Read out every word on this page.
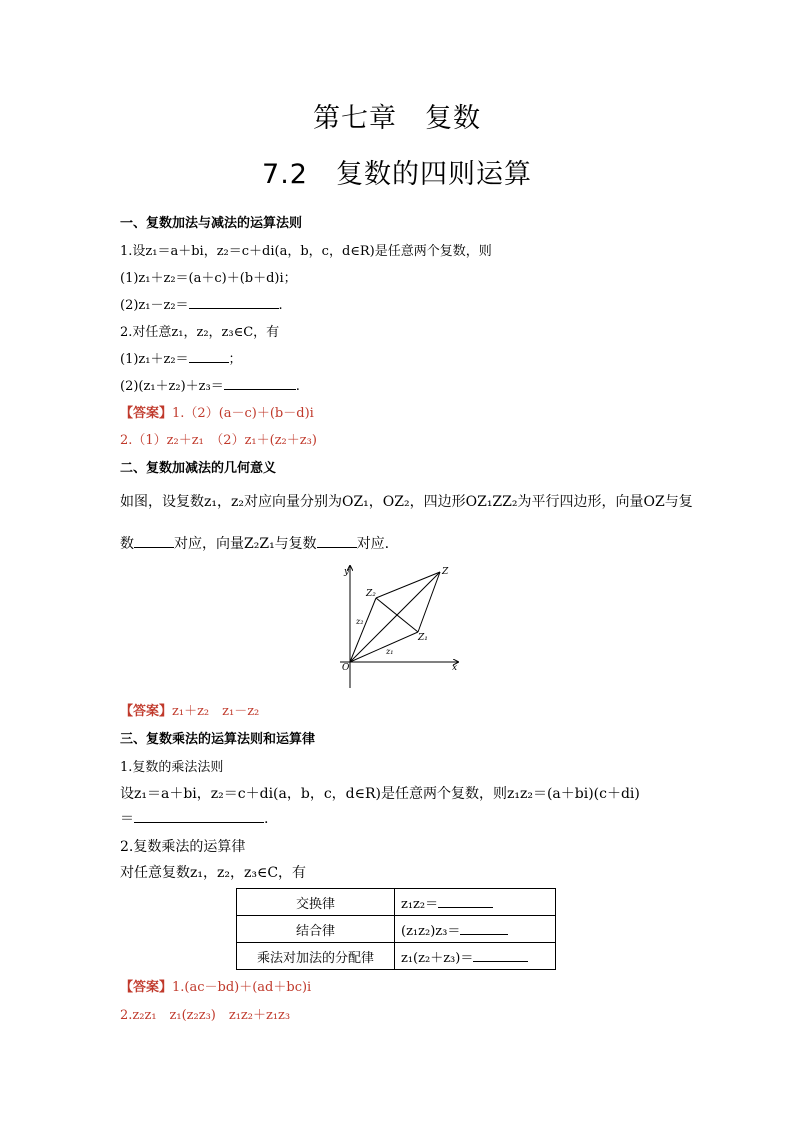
第七章　复数
7.2　复数的四则运算
一、复数加法与减法的运算法则
1.设z₁＝a＋bi，z₂＝c＋di(a，b，c，d∈R)是任意两个复数，则
(1)z₁＋z₂＝(a＋c)＋(b＋d)i；
(2)z₁－z₂＝	.
2.对任意z₁，z₂，z₃∈C，有
(1)z₁＋z₂＝	；
(2)(z₁＋z₂)＋z₃＝	.
【答案】1.（2）(a－c)＋(b－d)i
2.（1）z₂＋z₁　（2）z₁＋(z₂＋z₃)
二、复数加减法的几何意义
如图，设复数z₁，z₂对应向量分别为OZ₁，OZ₂，四边形OZ₁ZZ₂为平行四边形，向量OZ与复
数	对应，向量Z₂Z₁与复数	对应.
y
x
O
Z
Z₁
Z₂
z₁
z₂
【答案】z₁＋z₂　z₁－z₂
三、复数乘法的运算法则和运算律
1.复数的乘法法则
设z₁＝a＋bi，z₂＝c＋di(a，b，c，d∈R)是任意两个复数，则z₁z₂＝(a＋bi)(c＋di)
＝	.
2.复数乘法的运算律
对任意复数z₁，z₂，z₃∈C，有
交换律	z₁z₂＝
结合律	(z₁z₂)z₃＝
乘法对加法的分配律	z₁(z₂＋z₃)＝
【答案】1.(ac－bd)＋(ad＋bc)i
2.z₂z₁　z₁(z₂z₃)　z₁z₂＋z₁z₃
